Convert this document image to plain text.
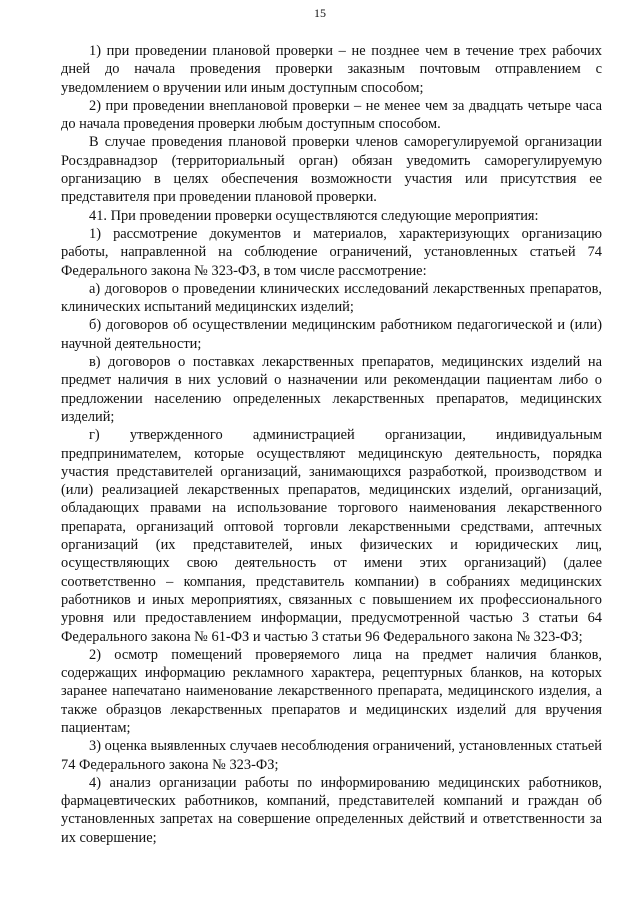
15

1) при проведении плановой проверки – не позднее чем в течение трех рабочих дней до начала проведения проверки заказным почтовым отправлением с уведомлением о вручении или иным доступным способом;

2) при проведении внеплановой проверки – не менее чем за двадцать четыре часа до начала проведения проверки любым доступным способом.

В случае проведения плановой проверки членов саморегулируемой организации Росздравнадзор (территориальный орган) обязан уведомить саморегулируемую организацию в целях обеспечения возможности участия или присутствия ее представителя при проведении плановой проверки.

41. При проведении проверки осуществляются следующие мероприятия:

1) рассмотрение документов и материалов, характеризующих организацию работы, направленной на соблюдение ограничений, установленных статьей 74 Федерального закона № 323-ФЗ, в том числе рассмотрение:

а) договоров о проведении клинических исследований лекарственных препаратов, клинических испытаний медицинских изделий;

б) договоров об осуществлении медицинским работником педагогической и (или) научной деятельности;

в) договоров о поставках лекарственных препаратов, медицинских изделий на предмет наличия в них условий о назначении или рекомендации пациентам либо о предложении населению определенных лекарственных препаратов, медицинских изделий;

г) утвержденного администрацией организации, индивидуальным предпринимателем, которые осуществляют медицинскую деятельность, порядка участия представителей организаций, занимающихся разработкой, производством и (или) реализацией лекарственных препаратов, медицинских изделий, организаций, обладающих правами на использование торгового наименования лекарственного препарата, организаций оптовой торговли лекарственными средствами, аптечных организаций (их представителей, иных физических и юридических лиц, осуществляющих свою деятельность от имени этих организаций) (далее соответственно – компания, представитель компании) в собраниях медицинских работников и иных мероприятиях, связанных с повышением их профессионального уровня или предоставлением информации, предусмотренной частью 3 статьи 64 Федерального закона № 61-ФЗ и частью 3 статьи 96 Федерального закона № 323-ФЗ;

2) осмотр помещений проверяемого лица на предмет наличия бланков, содержащих информацию рекламного характера, рецептурных бланков, на которых заранее напечатано наименование лекарственного препарата, медицинского изделия, а также образцов лекарственных препаратов и медицинских изделий для вручения пациентам;

3) оценка выявленных случаев несоблюдения ограничений, установленных статьей 74 Федерального закона № 323-ФЗ;

4) анализ организации работы по информированию медицинских работников, фармацевтических работников, компаний, представителей компаний и граждан об установленных запретах на совершение определенных действий и ответственности за их совершение;
